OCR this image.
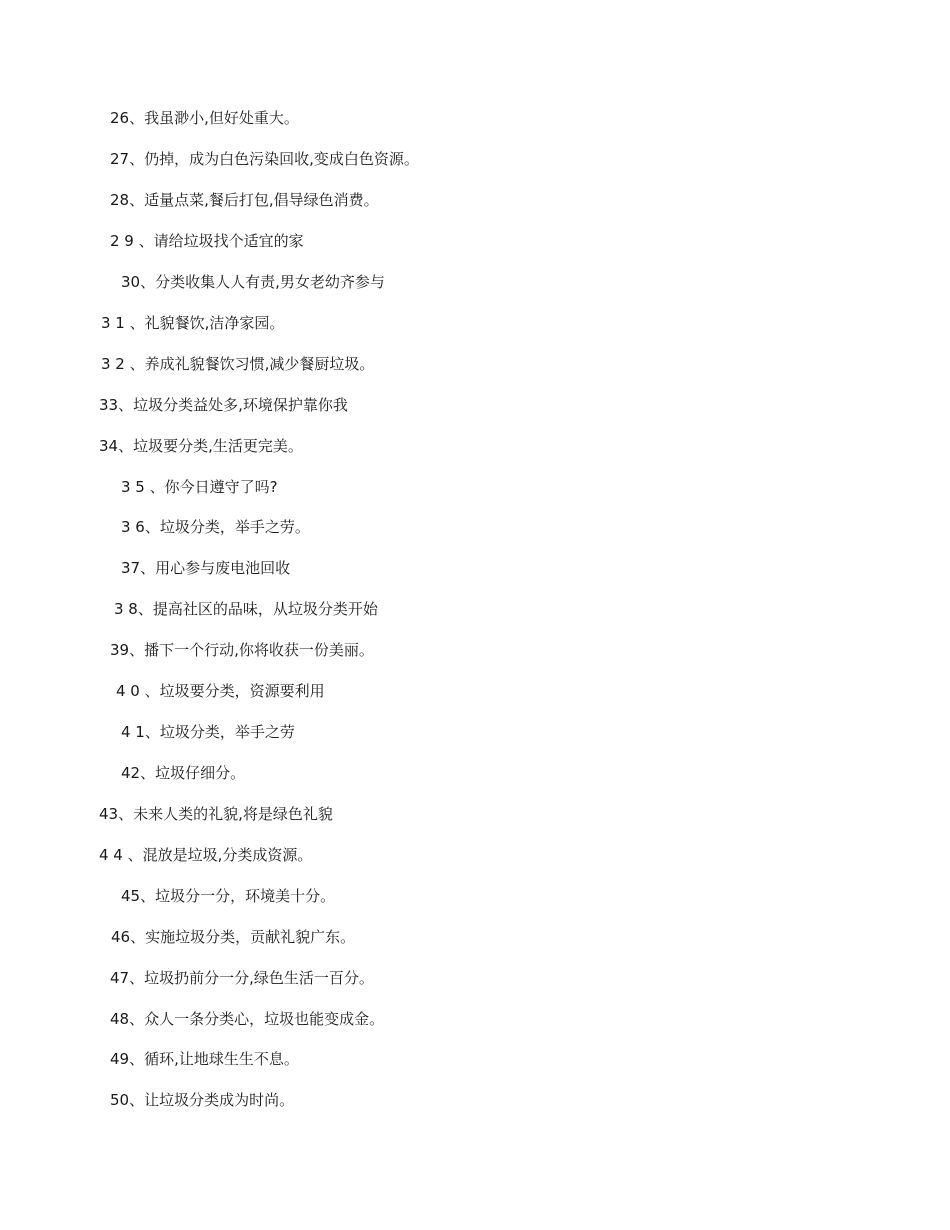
26、我虽渺小,但好处重大。
27、仍掉，成为白色污染回收,变成白色资源。
28、适量点菜,餐后打包,倡导绿色消费。
2 9 、请给垃圾找个适宜的家
30、分类收集人人有责,男女老幼齐参与
3 1 、礼貌餐饮,洁净家园。
3 2 、养成礼貌餐饮习惯,减少餐厨垃圾。
33、垃圾分类益处多,环境保护靠你我
34、垃圾要分类,生活更完美。
3 5 、你今日遵守了吗?
3 6、垃圾分类，举手之劳。
37、用心参与废电池回收
3 8、提高社区的品味，从垃圾分类开始
39、播下一个行动,你将收获一份美丽。
4 0 、垃圾要分类，资源要利用
4 1、垃圾分类，举手之劳
42、垃圾仔细分。
43、未来人类的礼貌,将是绿色礼貌
4 4 、混放是垃圾,分类成资源。
45、垃圾分一分，环境美十分。
46、实施垃圾分类，贡献礼貌广东。
47、垃圾扔前分一分,绿色生活一百分。
48、众人一条分类心，垃圾也能变成金。
49、循环,让地球生生不息。
50、让垃圾分类成为时尚。
